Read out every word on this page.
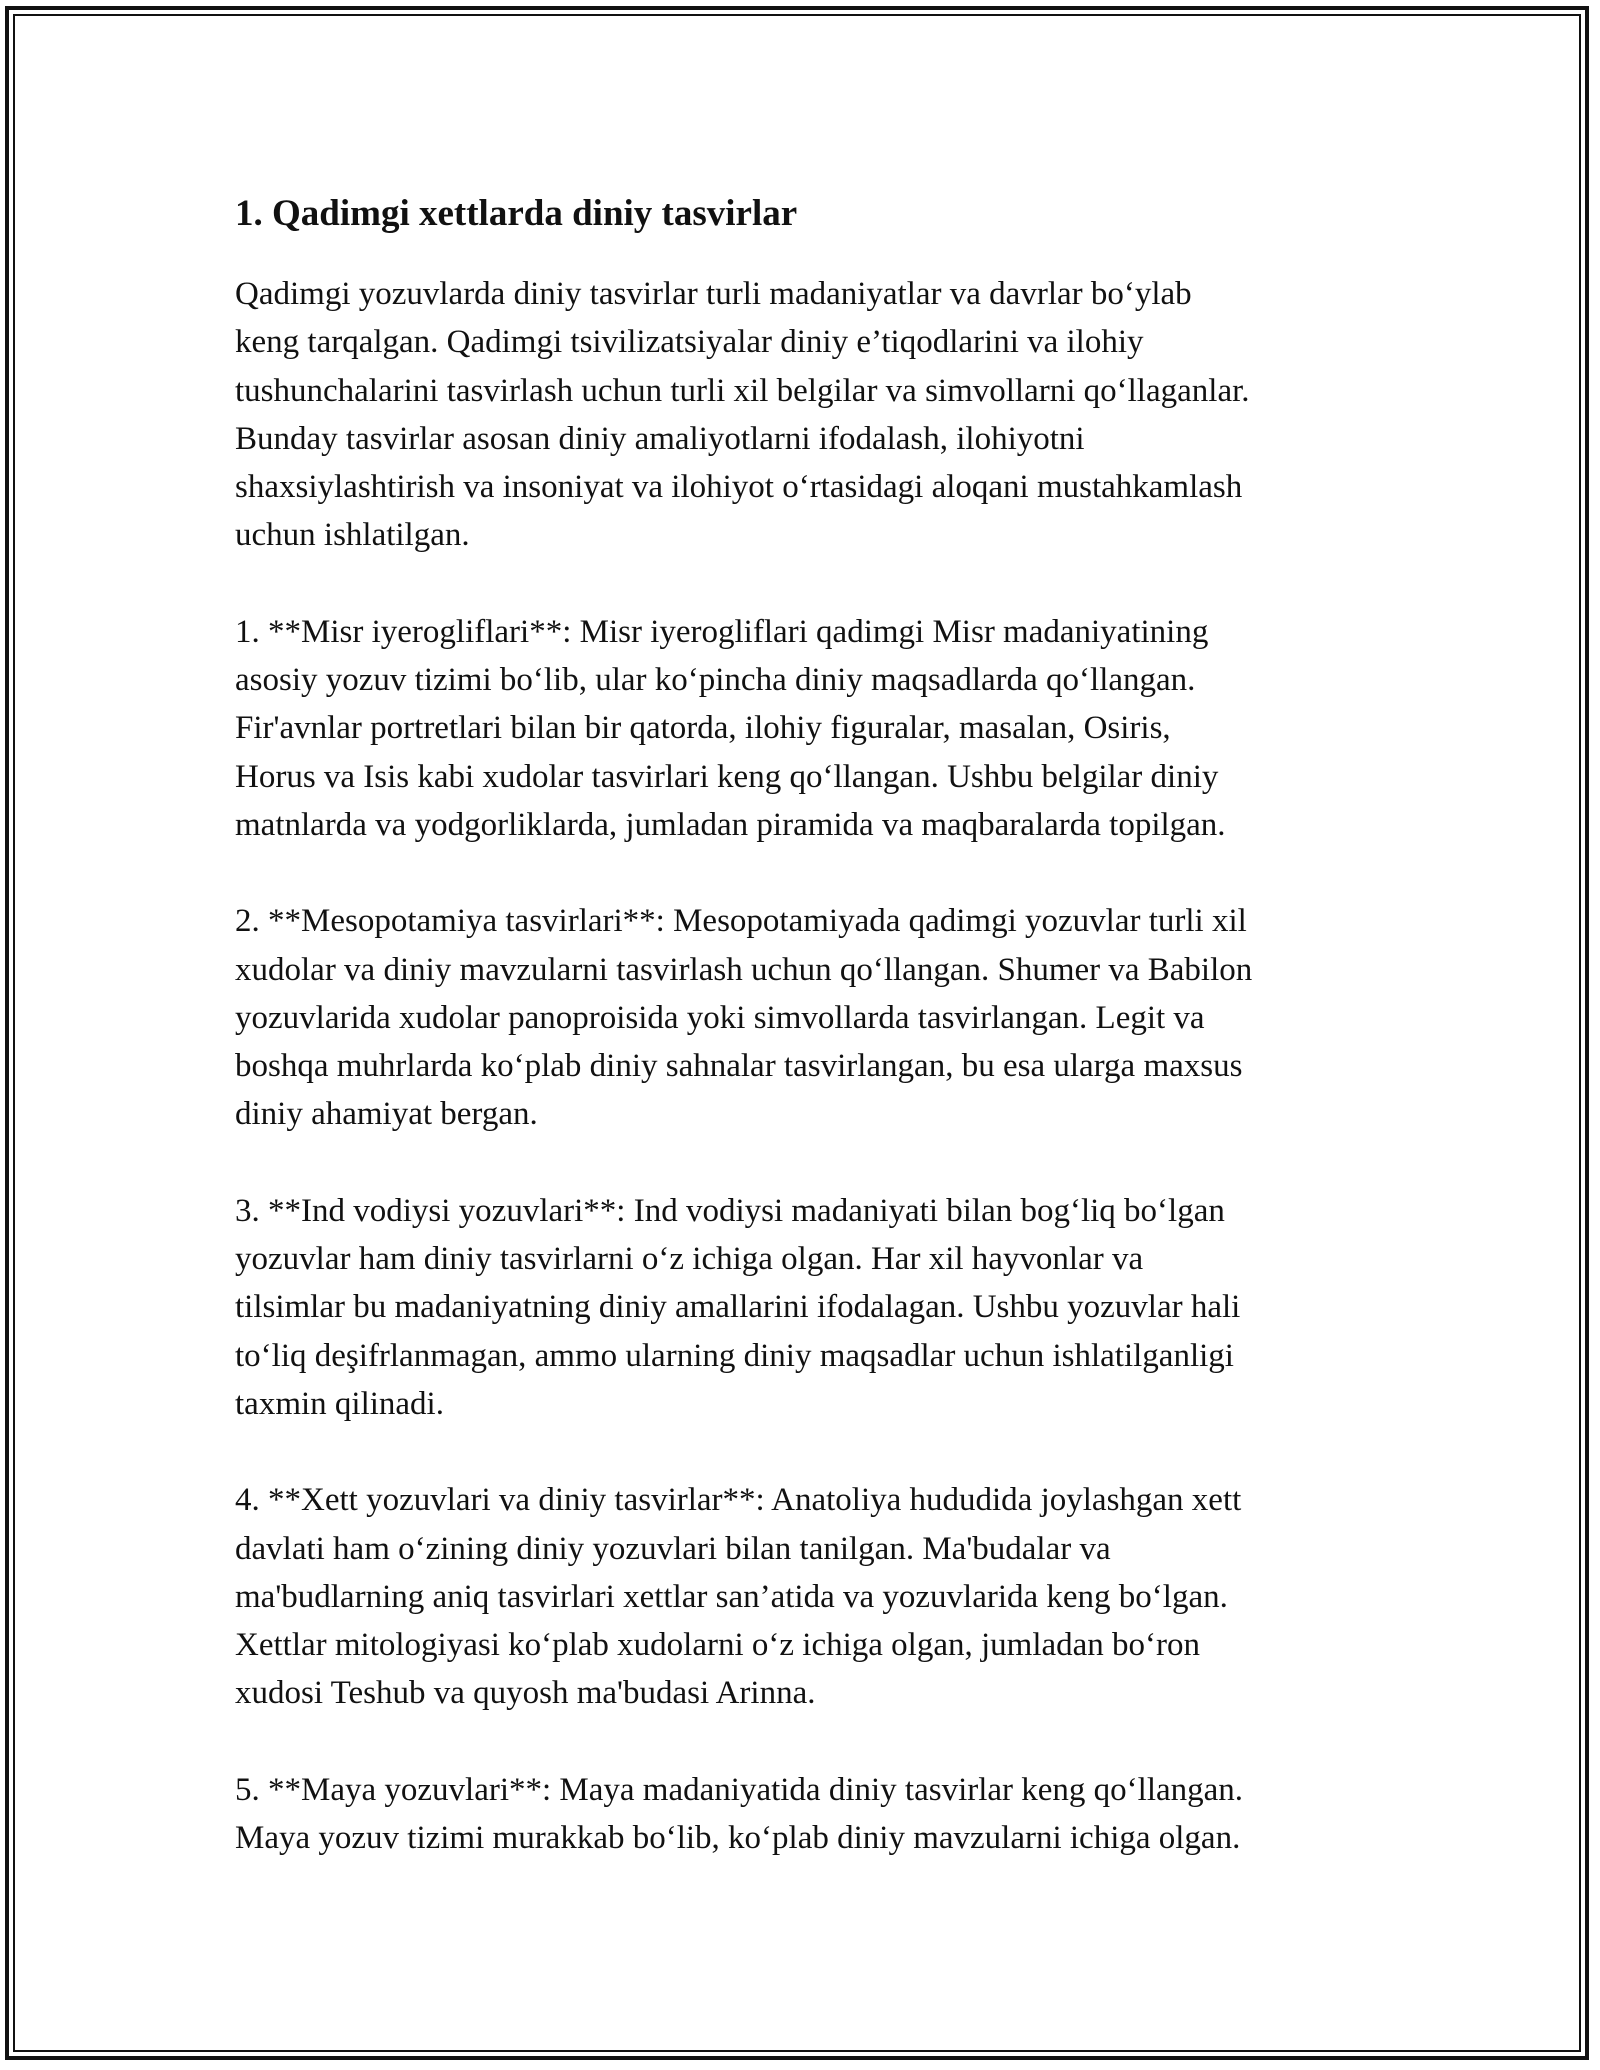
1. Qadimgi xettlarda diniy tasvirlar

Qadimgi yozuvlarda diniy tasvirlar turli madaniyatlar va davrlar bo‘ylab
keng tarqalgan. Qadimgi tsivilizatsiyalar diniy e’tiqodlarini va ilohiy
tushunchalarini tasvirlash uchun turli xil belgilar va simvollarni qo‘llaganlar.
Bunday tasvirlar asosan diniy amaliyotlarni ifodalash, ilohiyotni
shaxsiylashtirish va insoniyat va ilohiyot o‘rtasidagi aloqani mustahkamlash
uchun ishlatilgan.

1. **Misr iyerogliflari**: Misr iyerogliflari qadimgi Misr madaniyatining
asosiy yozuv tizimi bo‘lib, ular ko‘pincha diniy maqsadlarda qo‘llangan.
Fir'avnlar portretlari bilan bir qatorda, ilohiy figuralar, masalan, Osiris,
Horus va Isis kabi xudolar tasvirlari keng qo‘llangan. Ushbu belgilar diniy
matnlarda va yodgorliklarda, jumladan piramida va maqbaralarda topilgan.

2. **Mesopotamiya tasvirlari**: Mesopotamiyada qadimgi yozuvlar turli xil
xudolar va diniy mavzularni tasvirlash uchun qo‘llangan. Shumer va Babilon
yozuvlarida xudolar panoproisida yoki simvollarda tasvirlangan. Legit va
boshqa muhrlarda ko‘plab diniy sahnalar tasvirlangan, bu esa ularga maxsus
diniy ahamiyat bergan.

3. **Ind vodiysi yozuvlari**: Ind vodiysi madaniyati bilan bog‘liq bo‘lgan
yozuvlar ham diniy tasvirlarni o‘z ichiga olgan. Har xil hayvonlar va
tilsimlar bu madaniyatning diniy amallarini ifodalagan. Ushbu yozuvlar hali
to‘liq deşifrlanmagan, ammo ularning diniy maqsadlar uchun ishlatilganligi
taxmin qilinadi.

4. **Xett yozuvlari va diniy tasvirlar**: Anatoliya hududida joylashgan xett
davlati ham o‘zining diniy yozuvlari bilan tanilgan. Ma'budalar va
ma'budlarning aniq tasvirlari xettlar san’atida va yozuvlarida keng bo‘lgan.
Xettlar mitologiyasi ko‘plab xudolarni o‘z ichiga olgan, jumladan bo‘ron
xudosi Teshub va quyosh ma'budasi Arinna.

5. **Maya yozuvlari**: Maya madaniyatida diniy tasvirlar keng qo‘llangan.
Maya yozuv tizimi murakkab bo‘lib, ko‘plab diniy mavzularni ichiga olgan.
